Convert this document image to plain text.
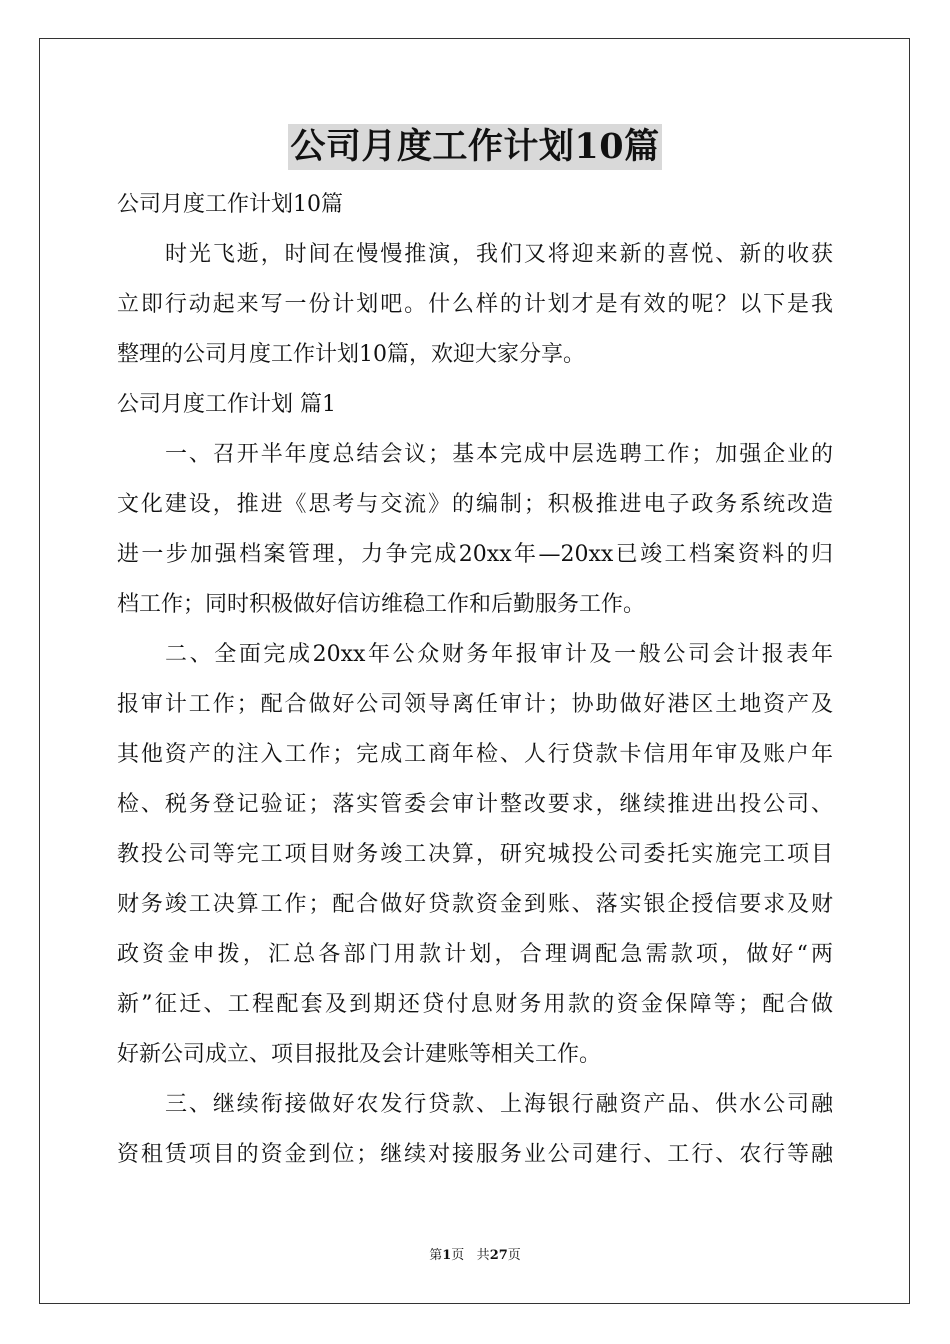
公司月度工作计划10篇
公司月度工作计划10篇
时光飞逝，时间在慢慢推演，我们又将迎来新的喜悦、新的收获
立即行动起来写一份计划吧。什么样的计划才是有效的呢？以下是我
整理的公司月度工作计划10篇，欢迎大家分享。
公司月度工作计划 篇1
一、召开半年度总结会议；基本完成中层选聘工作；加强企业的
文化建设，推进《思考与交流》的编制；积极推进电子政务系统改造
进一步加强档案管理，力争完成20xx年—20xx已竣工档案资料的归
档工作；同时积极做好信访维稳工作和后勤服务工作。
二、全面完成20xx年公众财务年报审计及一般公司会计报表年
报审计工作；配合做好公司领导离任审计；协助做好港区土地资产及
其他资产的注入工作；完成工商年检、人行贷款卡信用年审及账户年
检、税务登记验证；落实管委会审计整改要求，继续推进出投公司、
教投公司等完工项目财务竣工决算，研究城投公司委托实施完工项目
财务竣工决算工作；配合做好贷款资金到账、落实银企授信要求及财
政资金申拨，汇总各部门用款计划，合理调配急需款项，做好“两
新”征迁、工程配套及到期还贷付息财务用款的资金保障等；配合做
好新公司成立、项目报批及会计建账等相关工作。
三、继续衔接做好农发行贷款、上海银行融资产品、供水公司融
资租赁项目的资金到位；继续对接服务业公司建行、工行、农行等融
第1页 共27页
